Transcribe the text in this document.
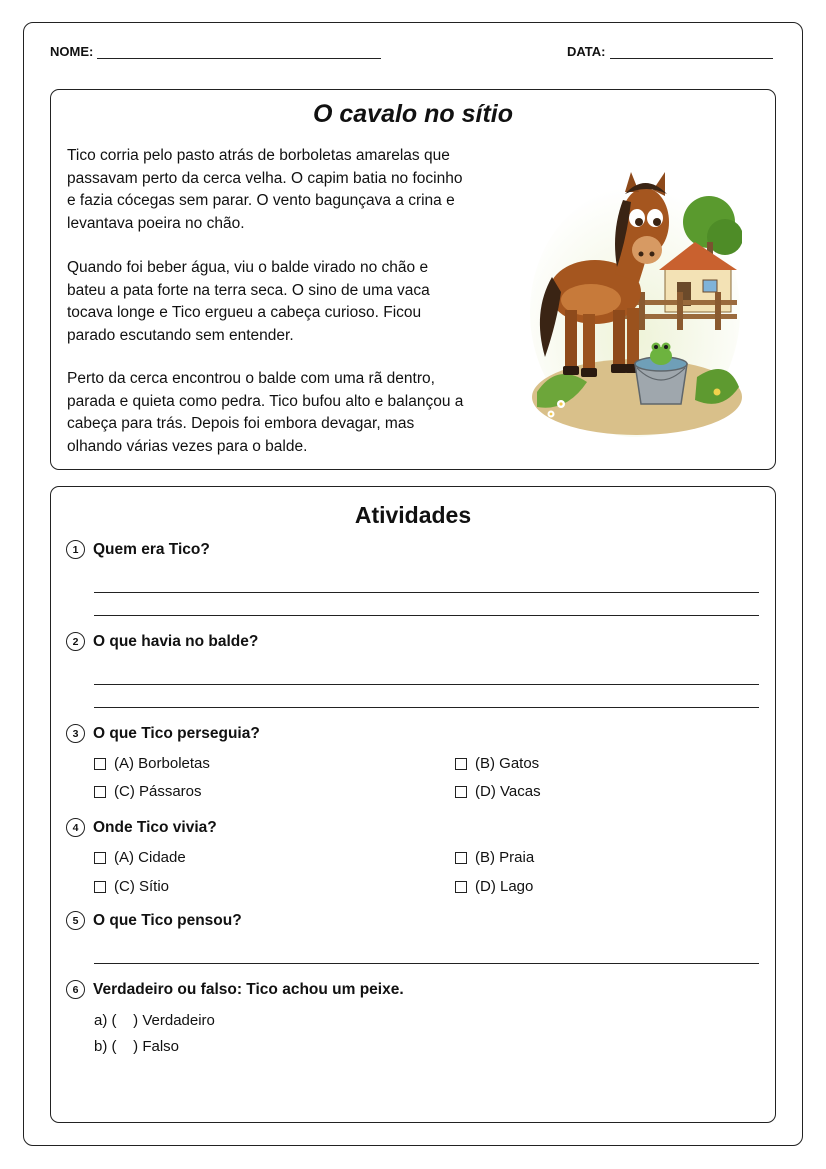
NOME:	DATA:
O cavalo no sítio

Tico corria pelo pasto atrás de borboletas amarelas que
passavam perto da cerca velha. O capim batia no focinho
e fazia cócegas sem parar. O vento bagunçava a crina e
levantava poeira no chão.

Quando foi beber água, viu o balde virado no chão e
bateu a pata forte na terra seca. O sino de uma vaca
tocava longe e Tico ergueu a cabeça curioso. Ficou
parado escutando sem entender.

Perto da cerca encontrou o balde com uma rã dentro,
parada e quieta como pedra. Tico bufou alto e balançou a
cabeça para trás. Depois foi embora devagar, mas
olhando várias vezes para o balde.

Atividades
1 Quem era Tico?
2 O que havia no balde?
3 O que Tico perseguia?
(A) Borboletas	(B) Gatos
(C) Pássaros	(D) Vacas
4 Onde Tico vivia?
(A) Cidade	(B) Praia
(C) Sítio	(D) Lago
5 O que Tico pensou?
6 Verdadeiro ou falso: Tico achou um peixe.
a) (    ) Verdadeiro
b) (    ) Falso
